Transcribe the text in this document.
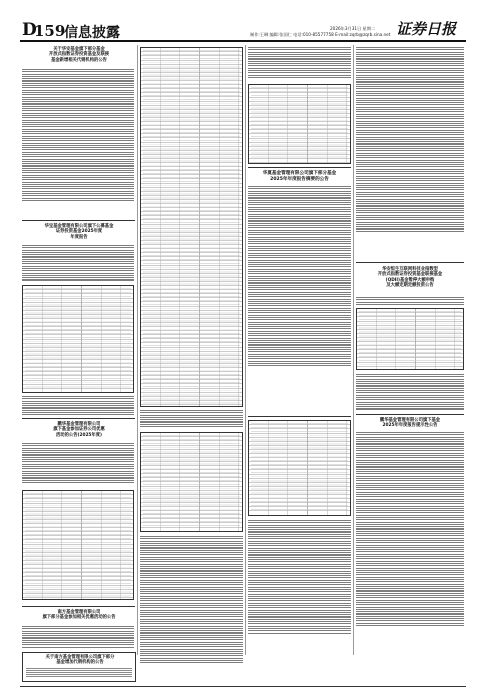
D
159
信息披露	2026年3月31日 星期二
制作:王琳 编辑:张国仁 电话:010-85577758 E-mail:zqrb@zqrb.sina.net 证券日报
关于华安基金旗下部分基金
开放式指数证券投资基金及联接
基金新增相关代销机构的公告
华宝基金管理有限公司旗下公募基金
证券投资基金2025年度
年度报告
鹏华基金管理有限公司
旗下基金参加证券公司优惠
活动的公告(2025年度)
南方基金管理有限公司
旗下部分基金参加相关优惠活动的公告
关于南方基金管理有限公司旗下部分
基金增加代销机构的公告
华夏基金管理有限公司旗下部分基金
2025年年度报告摘要的公告
华安恒生互联网科技业指数型
开放式指数证券投资基金联接基金
(QDII)基金暂停大额申购
及大额定期定额投资公告
鹏华基金管理有限公司旗下基金
2025年年度报告提示性公告
